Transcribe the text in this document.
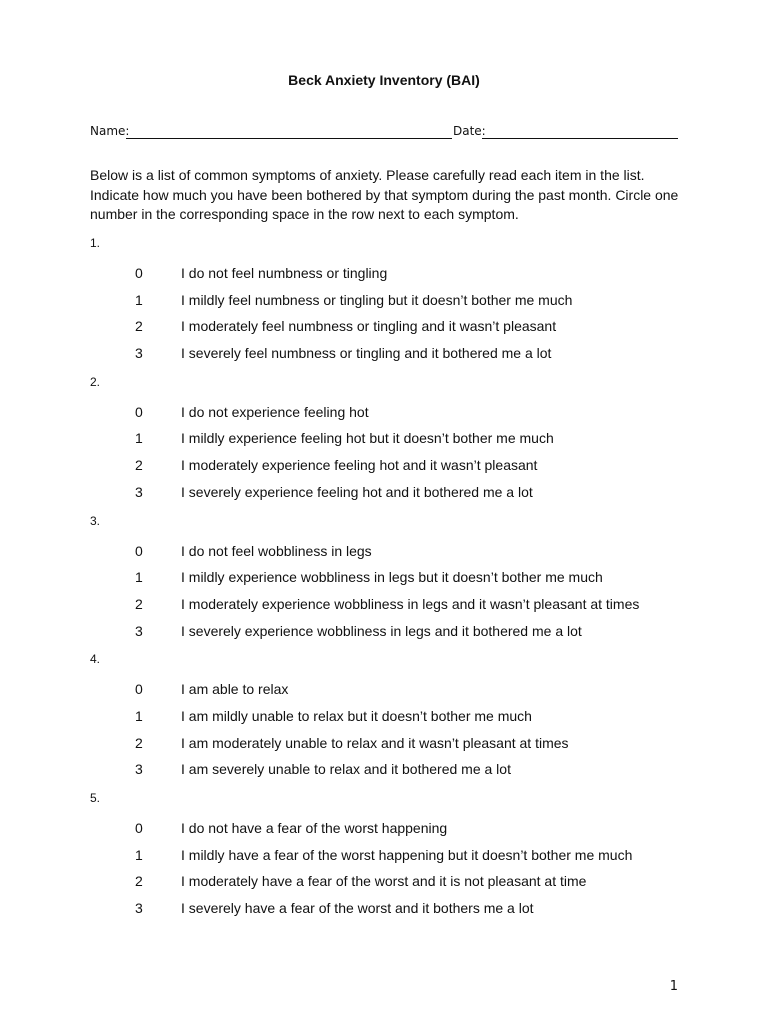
Beck Anxiety Inventory (BAI)
Name:	Date:
Below is a list of common symptoms of anxiety. Please carefully read each item in the list. Indicate how much you have been bothered by that symptom during the past month. Circle one number in the corresponding space in the row next to each symptom.
1.
0	I do not feel numbness or tingling
1	I mildly feel numbness or tingling but it doesn’t bother me much
2	I moderately feel numbness or tingling and it wasn’t pleasant
3	I severely feel numbness or tingling and it bothered me a lot
2.
0	I do not experience feeling hot
1	I mildly experience feeling hot but it doesn’t bother me much
2	I moderately experience feeling hot and it wasn’t pleasant
3	I severely experience feeling hot and it bothered me a lot
3.
0	I do not feel wobbliness in legs
1	I mildly experience wobbliness in legs but it doesn’t bother me much
2	I moderately experience wobbliness in legs and it wasn’t pleasant at times
3	I severely experience wobbliness in legs and it bothered me a lot
4.
0	I am able to relax
1	I am mildly unable to relax but it doesn’t bother me much
2	I am moderately unable to relax and it wasn’t pleasant at times
3	I am severely unable to relax and it bothered me a lot
5.
0	I do not have a fear of the worst happening
1	I mildly have a fear of the worst happening but it doesn’t bother me much
2	I moderately have a fear of the worst and it is not pleasant at time
3	I severely have a fear of the worst and it bothers me a lot
1
